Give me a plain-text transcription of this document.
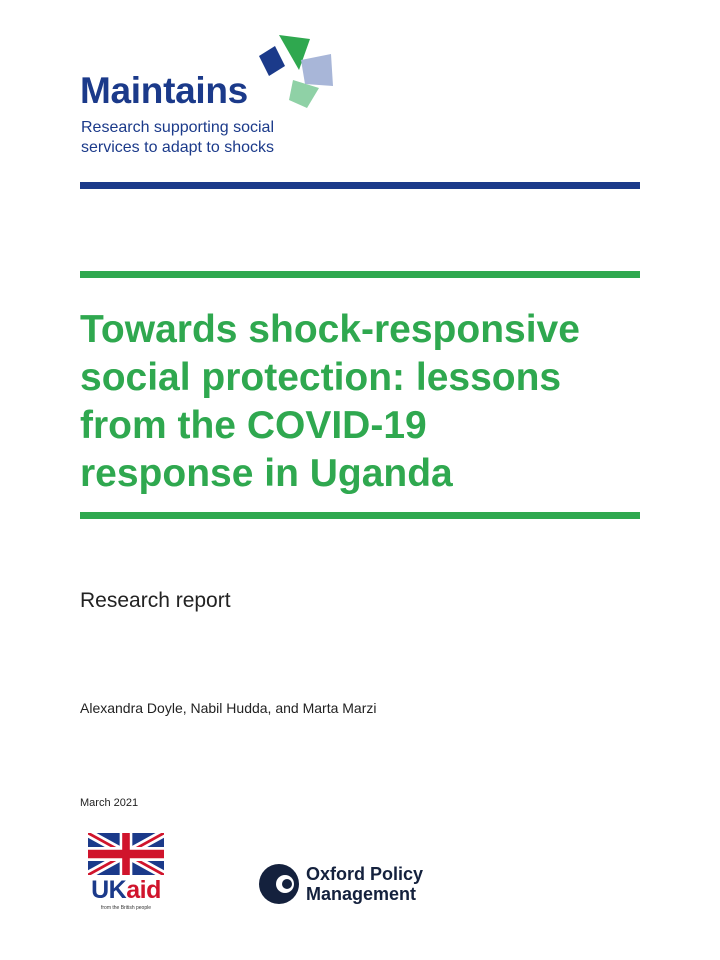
Maintains
Research supporting social
services to adapt to shocks
Towards shock-responsive
social protection: lessons
from the COVID-19
response in Uganda
Research report
Alexandra Doyle, Nabil Hudda, and Marta Marzi
March 2021
UKaid
from the British people
Oxford Policy
Management
